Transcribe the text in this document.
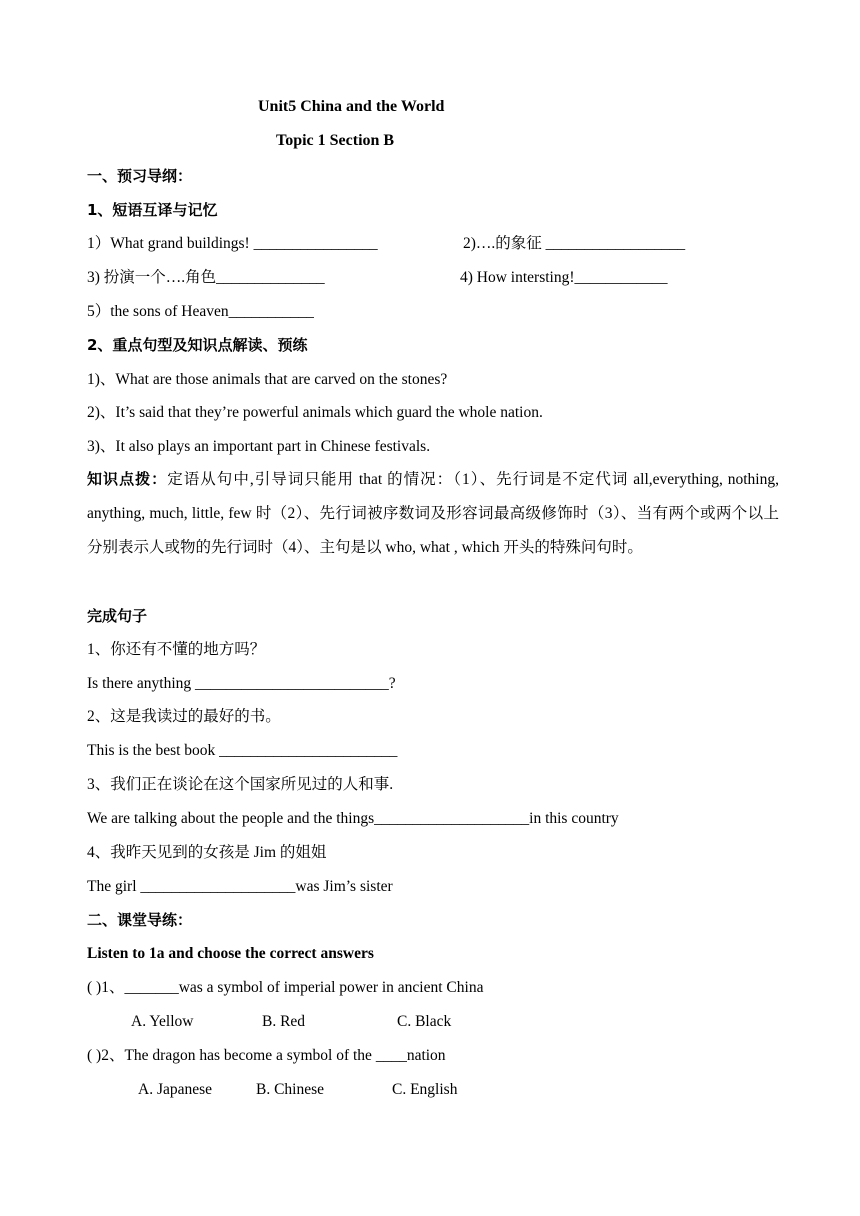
Unit5 China and the World
Topic 1 Section B
一、预习导纲：
1、短语互译与记忆
1）What grand buildings! ________________	2)….的象征 __________________
3) 扮演一个….角色______________	4) How intersting!____________
5）the sons of Heaven___________
2、重点句型及知识点解读、预练
1)、What are those animals that are carved on the stones?
2)、It’s said that they’re powerful animals which guard the whole nation.
3)、It also plays an important part in Chinese festivals.
知识点拨：定语从句中,引导词只能用 that 的情况：（1）、先行词是不定代词 all,everything, nothing, anything, much, little, few 时（2）、先行词被序数词及形容词最高级修饰时（3）、当有两个或两个以上分别表示人或物的先行词时（4）、主句是以 who, what , which 开头的特殊问句时。
完成句子
1、你还有不懂的地方吗？
Is there anything _________________________?
2、这是我读过的最好的书。
This is the best book _______________________
3、我们正在谈论在这个国家所见过的人和事.
We are talking about the people and the things____________________in this country
4、我昨天见到的女孩是 Jim 的姐姐
The girl ____________________was Jim’s sister
二、课堂导练：
Listen to 1a and choose the correct answers
( )1、_______was a symbol of imperial power in ancient China
A. Yellow	B. Red	C. Black
( )2、The dragon has become a symbol of the ____nation
A. Japanese	B. Chinese	C. English
